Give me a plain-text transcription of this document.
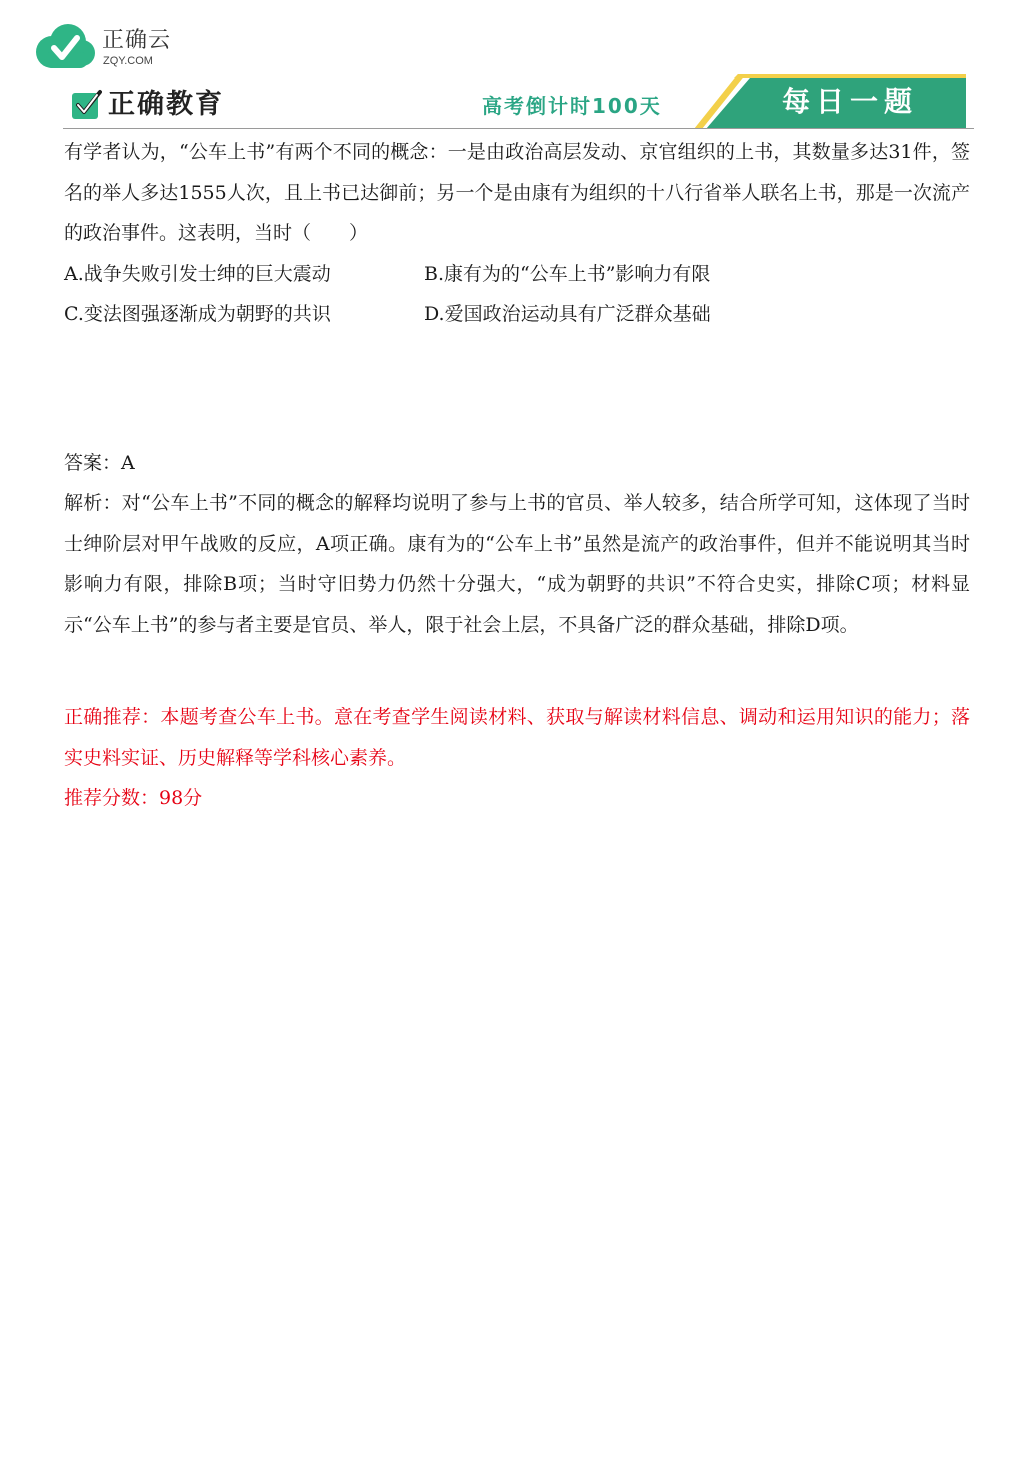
正确云
ZQY.COM
正确教育	高考倒计时100天	每日一题

有学者认为，“公车上书”有两个不同的概念：一是由政治高层发动、京官组织的上书，其数量多达31件，签名的举人多达1555人次，且上书已达御前；另一个是由康有为组织的十八行省举人联名上书，那是一次流产的政治事件。这表明，当时（　　）

A.战争失败引发士绅的巨大震动	B.康有为的“公车上书”影响力有限
C.变法图强逐渐成为朝野的共识	D.爱国政治运动具有广泛群众基础

答案：A

解析：对“公车上书”不同的概念的解释均说明了参与上书的官员、举人较多，结合所学可知，这体现了当时士绅阶层对甲午战败的反应，A项正确。康有为的“公车上书”虽然是流产的政治事件，但并不能说明其当时影响力有限，排除B项；当时守旧势力仍然十分强大，“成为朝野的共识”不符合史实，排除C项；材料显示“公车上书”的参与者主要是官员、举人，限于社会上层，不具备广泛的群众基础，排除D项。

正确推荐：本题考查公车上书。意在考查学生阅读材料、获取与解读材料信息、调动和运用知识的能力；落实史料实证、历史解释等学科核心素养。

推荐分数：98分
